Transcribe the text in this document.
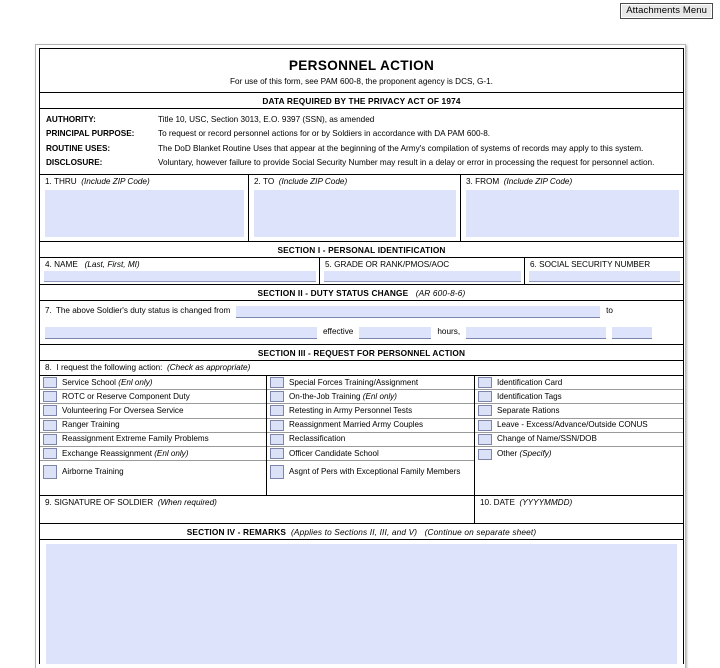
Attachments Menu
PERSONNEL ACTION
For use of this form, see PAM 600-8, the proponent agency is DCS, G-1.
DATA REQUIRED BY THE PRIVACY ACT OF 1974
AUTHORITY:	Title 10, USC, Section 3013, E.O. 9397 (SSN), as amended
PRINCIPAL PURPOSE:	To request or record personnel actions for or by Soldiers in accordance with DA PAM 600-8.
ROUTINE USES:	The DoD Blanket Routine Uses that appear at the beginning of the Army's compilation of systems of records may apply to this system.
DISCLOSURE:	Voluntary, however failure to provide Social Security Number may result in a delay or error in processing the request for personnel action.
1. THRU (Include ZIP Code)	2. TO (Include ZIP Code)	3. FROM (Include ZIP Code)
SECTION I - PERSONAL IDENTIFICATION
4. NAME (Last, First, MI)	5. GRADE OR RANK/PMOS/AOC	6. SOCIAL SECURITY NUMBER
SECTION II - DUTY STATUS CHANGE (AR 600-8-6)
7. The above Soldier's duty status is changed from	to
effective	hours,
SECTION III - REQUEST FOR PERSONNEL ACTION
8. I request the following action: (Check as appropriate)
Service School (Enl only)
ROTC or Reserve Component Duty
Volunteering For Oversea Service
Ranger Training
Reassignment Extreme Family Problems
Exchange Reassignment (Enl only)
Airborne Training
Special Forces Training/Assignment
On-the-Job Training (Enl only)
Retesting in Army Personnel Tests
Reassignment Married Army Couples
Reclassification
Officer Candidate School
Asgnt of Pers with Exceptional Family Members
Identification Card
Identification Tags
Separate Rations
Leave - Excess/Advance/Outside CONUS
Change of Name/SSN/DOB
Other (Specify)
9. SIGNATURE OF SOLDIER (When required)	10. DATE (YYYYMMDD)
SECTION IV - REMARKS (Applies to Sections II, III, and V) (Continue on separate sheet)
